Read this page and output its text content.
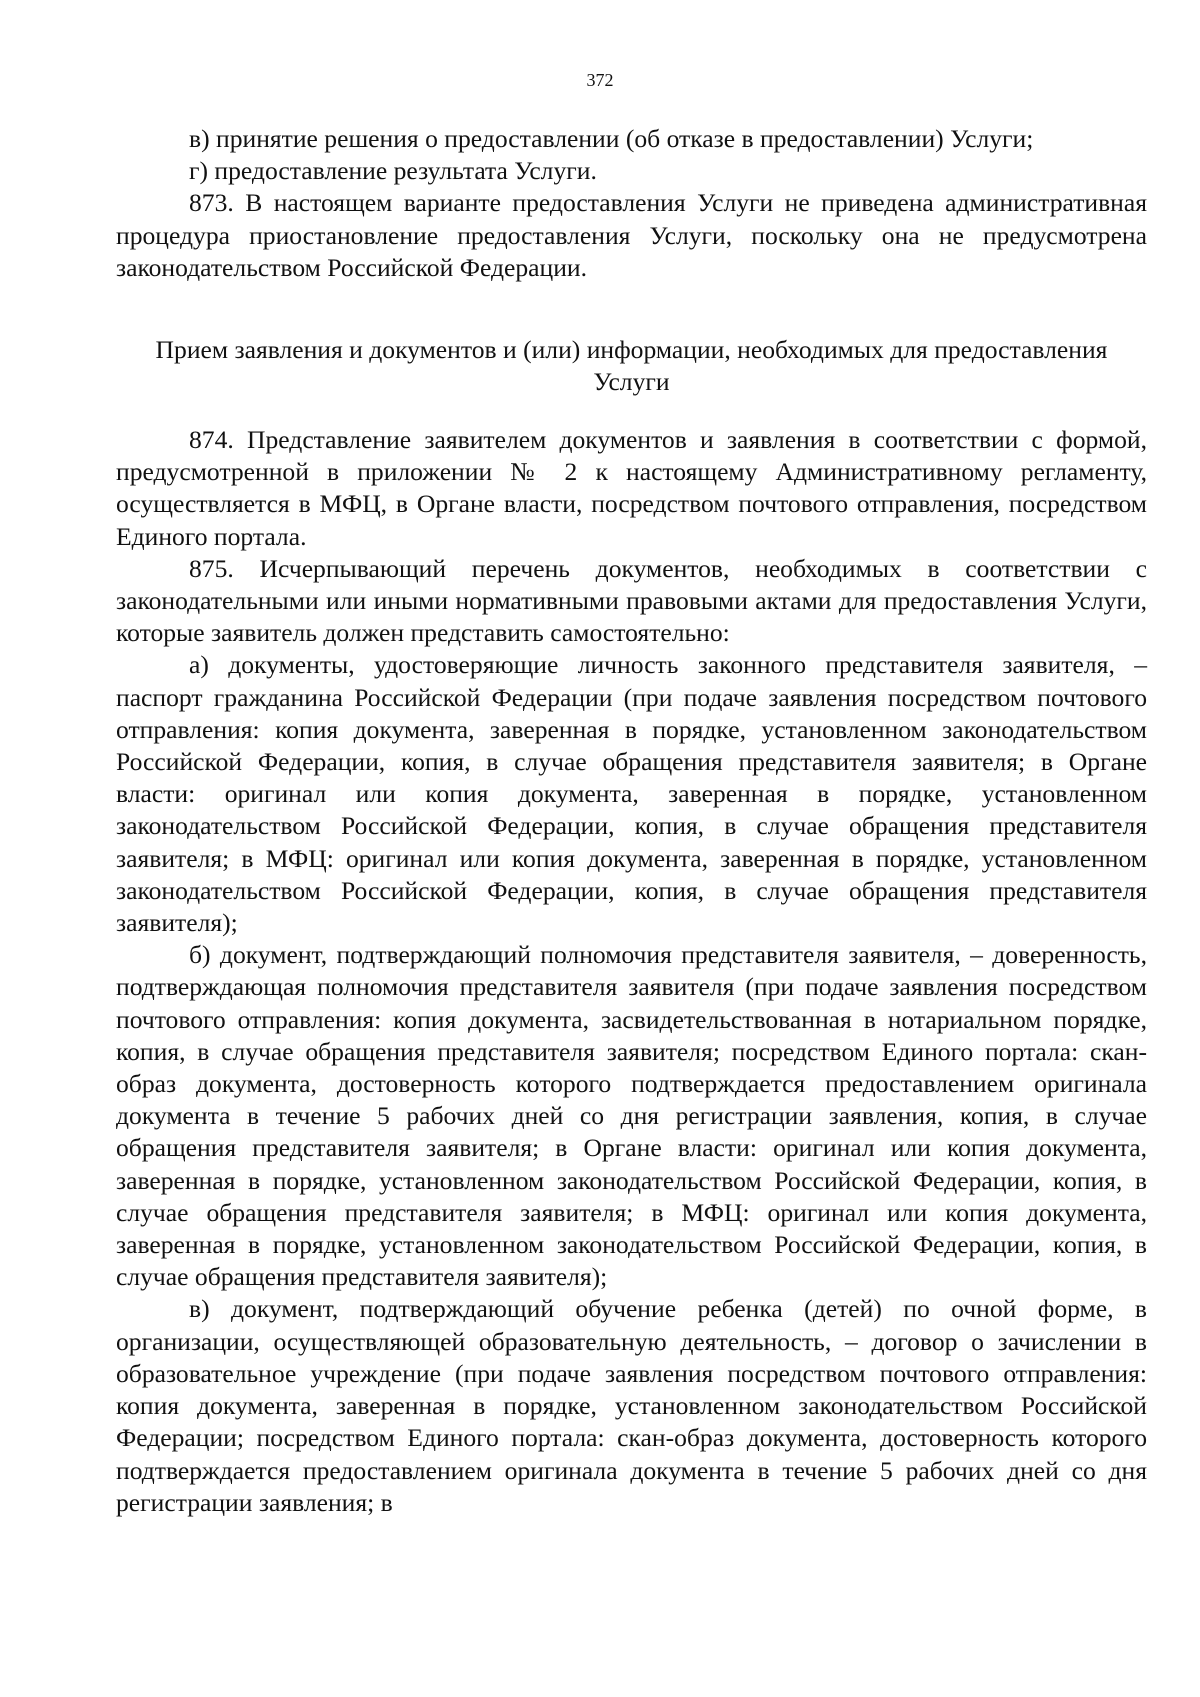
372

в) принятие решения о предоставлении (об отказе в предоставлении) Услуги;

г) предоставление результата Услуги.

873. В настоящем варианте предоставления Услуги не приведена административная процедура приостановление предоставления Услуги, поскольку она не предусмотрена законодательством Российской Федерации.

Прием заявления и документов и (или) информации, необходимых для предоставления Услуги

874. Представление заявителем документов и заявления в соответствии с формой, предусмотренной в приложении № 2 к настоящему Административному регламенту, осуществляется в МФЦ, в Органе власти, посредством почтового отправления, посредством Единого портала.

875. Исчерпывающий перечень документов, необходимых в соответствии с законодательными или иными нормативными правовыми актами для предоставления Услуги, которые заявитель должен представить самостоятельно:

а) документы, удостоверяющие личность законного представителя заявителя, – паспорт гражданина Российской Федерации (при подаче заявления посредством почтового отправления: копия документа, заверенная в порядке, установленном законодательством Российской Федерации, копия, в случае обращения представителя заявителя; в Органе власти: оригинал или копия документа, заверенная в порядке, установленном законодательством Российской Федерации, копия, в случае обращения представителя заявителя; в МФЦ: оригинал или копия документа, заверенная в порядке, установленном законодательством Российской Федерации, копия, в случае обращения представителя заявителя);

б) документ, подтверждающий полномочия представителя заявителя, – доверенность, подтверждающая полномочия представителя заявителя (при подаче заявления посредством почтового отправления: копия документа, засвидетельствованная в нотариальном порядке, копия, в случае обращения представителя заявителя; посредством Единого портала: скан-образ документа, достоверность которого подтверждается предоставлением оригинала документа в течение 5 рабочих дней со дня регистрации заявления, копия, в случае обращения представителя заявителя; в Органе власти: оригинал или копия документа, заверенная в порядке, установленном законодательством Российской Федерации, копия, в случае обращения представителя заявителя; в МФЦ: оригинал или копия документа, заверенная в порядке, установленном законодательством Российской Федерации, копия, в случае обращения представителя заявителя);

в) документ, подтверждающий обучение ребенка (детей) по очной форме, в организации, осуществляющей образовательную деятельность, – договор о зачислении в образовательное учреждение (при подаче заявления посредством почтового отправления: копия документа, заверенная в порядке, установленном законодательством Российской Федерации; посредством Единого портала: скан-образ документа, достоверность которого подтверждается предоставлением оригинала документа в течение 5 рабочих дней со дня регистрации заявления; в
